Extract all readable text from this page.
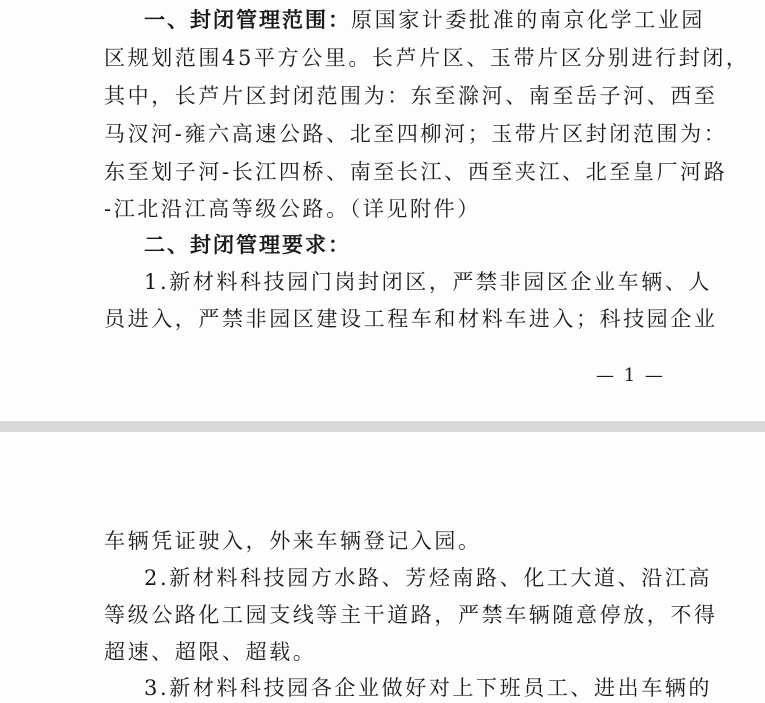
一、封闭管理范围：原国家计委批准的南京化学工业园
区规划范围45平方公里。长芦片区、玉带片区分别进行封闭，
其中，长芦片区封闭范围为：东至滁河、南至岳子河、西至
马汊河-雍六高速公路、北至四柳河；玉带片区封闭范围为：
东至划子河-长江四桥、南至长江、西至夹江、北至皇厂河路
-江北沿江高等级公路。（详见附件）
二、封闭管理要求：
1.新材料科技园门岗封闭区，严禁非园区企业车辆、人
员进入，严禁非园区建设工程车和材料车进入；科技园企业
— 1 —
车辆凭证驶入，外来车辆登记入园。
2.新材料科技园方水路、芳烃南路、化工大道、沿江高
等级公路化工园支线等主干道路，严禁车辆随意停放，不得
超速、超限、超载。
3.新材料科技园各企业做好对上下班员工、进出车辆的
